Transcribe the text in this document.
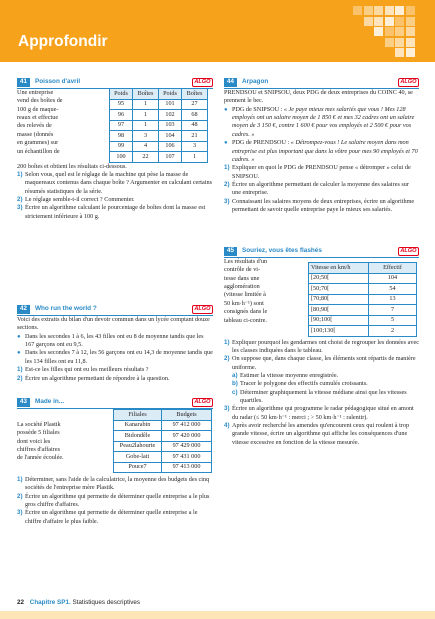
Approfondir
41	Poisson d'avril	ALGO
Une entreprise
vend des boîtes de
100 g de maque-
reaux et effectue
des relevés de
masse (donnés
en grammes) sur
un échantillon de
Poids	Boîtes	Poids	Boîtes
95	1	101	27
96	1	102	68
97	1	103	48
98	3	104	21
99	4	106	3
100	22	107	1
200 boîtes et obtient les résultats ci-dessous.
1) Selon vous, quel est le réglage de la machine qui pèse la masse de maquereaux contenus dans chaque boîte ? Argumenter en calculant certains résumés statistiques de la série.
2) Le réglage semble-t-il correct ? Commenter.
3) Écrire un algorithme calculant le pourcentage de boîtes dont la masse est strictement inférieure à 100 g.
42	Who run the world ?	ALGO

Voici des extraits du bilan d'un devoir commun dans un lycée comptant douze sections.

● Dans les secondes 1 à 6, les 43 filles ont eu 8 de moyenne tandis que les 167 garçons ont eu 9,5.
● Dans les secondes 7 à 12, les 56 garçons ont eu 14,3 de moyenne tandis que les 134 filles ont eu 11,8.
1) Est-ce les filles qui ont eu les meilleurs résultats ?
2) Écrire un algorithme permettant de répondre à la question.
43	Made in...	ALGO
La société Plastik
possède 5 filiales
dont voici les
chiffres d'affaires
de l'année écoulée.
Filiales	Budgets
Kanarabin	97 412 000
Bidondêle	97 420 000
Peau2lahourte	97 429 000
Gobe-lait	97 431 000
Pouce7	97 413 000
1) Déterminer, sans l'aide de la calculatrice, la moyenne des budgets des cinq sociétés de l'entreprise mère Plastik.
2) Écrire un algorithme qui permette de déterminer quelle entreprise a le plus gros chiffre d'affaires.
3) Écrire un algorithme qui permette de déterminer quelle entreprise a le chiffre d'affaire le plus faible.
44	Arpagon	ALGO

PRENDSOU et SNIPSOU, deux PDG de deux entreprises du COINC 40, se prennent le bec.

● PDG de SNIPSOU : « Je paye mieux mes salariés que vous ! Mes 128 employés ont un salaire moyen de 1 850 € et mes 32 cadres ont un salaire moyen de 3 150 €, contre 1 600 € pour vos employés et 2 500 € pour vos cadres. »
● PDG de PRENDSOU : « Détrompez-vous ! Le salaire moyen dans mon entreprise est plus important que dans la vôtre pour mes 90 employés et 70 cadres. »
1) Expliquer en quoi le PDG de PRENDSOU pense « détromper » celui de SNIPSOU.
2) Écrire un algorithme permettant de calculer la moyenne des salaires sur une entreprise.
3) Connaissant les salaires moyens de deux entreprises, écrire un algorithme permettant de savoir quelle entreprise paye le mieux ses salariés.
45	Souriez, vous êtes flashés	ALGO
Les résultats d'un
contrôle de vi-
tesse dans une
agglomération
(vitesse limitée à
50 km·h⁻¹) sont
consignés dans le
tableau ci-contre.
Vitesse en km/h	Effectif
[20;50[	104
[50;70[	54
[70;80[	13
[80;90[	7
[90;100[	5
[100;130[	2
1) Expliquer pourquoi les gendarmes ont choisi de regrouper les données avec les classes indiquées dans le tableau.
2) On suppose que, dans chaque classe, les éléments sont répartis de manière uniforme.
a) Estimer la vitesse moyenne enregistrée.
b) Tracer le polygone des effectifs cumulés croissants.
c) Déterminer graphiquement la vitesse médiane ainsi que les vitesses quartiles.
3) Écrire un algorithme qui programme le radar pédagogique situé en amont du radar (≤ 50 km·h⁻¹ : merci ; > 50 km·h⁻¹ : ralentir).
4) Après avoir recherché les amendes qu'encourent ceux qui roulent à trop grande vitesse, écrire un algorithme qui affiche les conséquences d'une vitesse excessive en fonction de la vitesse mesurée.
22 Chapitre SP1. Statistiques descriptives
